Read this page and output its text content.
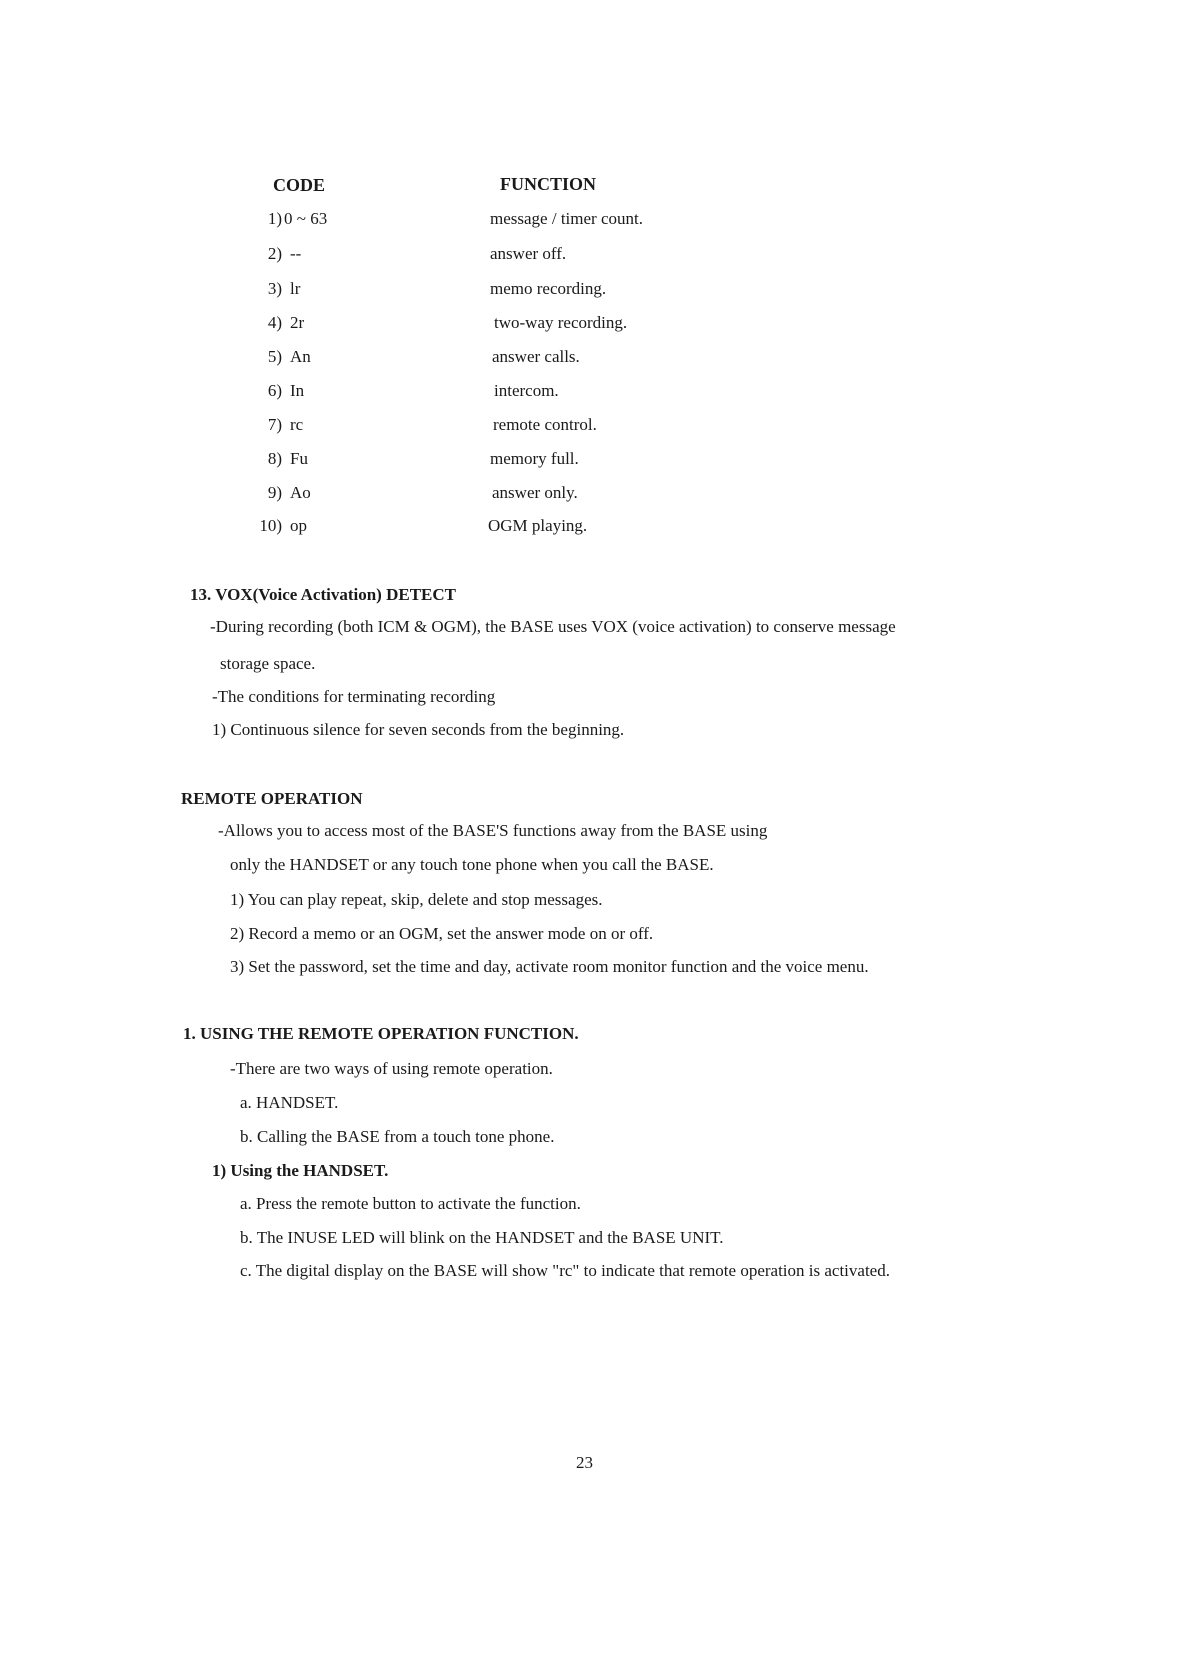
CODE	FUNCTION
1) 0 ~ 63	message / timer count.
2) --	answer off.
3) lr	memo recording.
4) 2r	two-way recording.
5) An	answer calls.
6) In	intercom.
7) rc	remote control.
8) Fu	memory full.
9) Ao	answer only.
10) op	OGM playing.
13. VOX(Voice Activation) DETECT
-During recording (both ICM & OGM), the BASE uses VOX (voice activation) to conserve message
storage space.
-The conditions for terminating recording
1) Continuous silence for seven seconds from the beginning.
REMOTE OPERATION
-Allows you to access most of the BASE'S functions away from the BASE using
only the HANDSET or any touch tone phone when you call the BASE.
1) You can play repeat, skip, delete and stop messages.
2) Record a memo or an OGM, set the answer mode on or off.
3) Set the password, set the time and day, activate room monitor function and the voice menu.
1. USING THE REMOTE OPERATION FUNCTION.
-There are two ways of using remote operation.
a. HANDSET.
b. Calling the BASE from a touch tone phone.
1) Using the HANDSET.
a. Press the remote button to activate the function.
b. The INUSE LED will blink on the HANDSET and the BASE UNIT.
c. The digital display on the BASE will show "rc" to indicate that remote operation is activated.
23
